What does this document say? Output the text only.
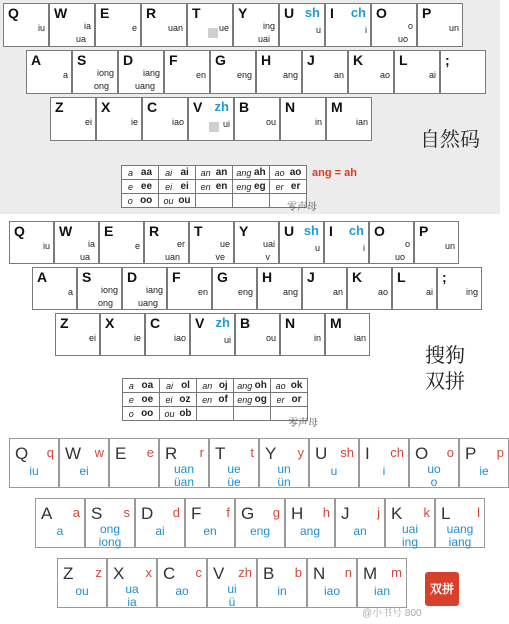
Q
iu
W
ia
ua
E
e
R
uan
T
ue
Y
ing
uai
U sh
u
I ch
i
O
o
uo
P
un
A
a
S
iong
ong
D
iang
uang
F
en
G
eng
H
ang
J
an
K
ao
L
ai
;
Z
ei
X
ie
C
iao
V zh
ui
B
ou
N
in
M
ian
自然码
a aa ai ai an an ang ah ao ao
e ee ei ei en en eng eg er er
o oo ou ou
ang = ah
零声母
Q
iu
W
ia
ua
E
e
R
er
uan
T
ue
ve
Y
uai
v
U sh
u
I ch
i
O
o
uo
P
un
A
a
S
iong
ong
D
iang
uang
F
en
G
eng
H
ang
J
an
K
ao
L
ai
;
ing
Z
ei
X
ie
C
iao
V zh
ui
B
ou
N
in
M
ian
搜狗
双拼
a oa ai ol an oj ang oh ao ok
e oe ei oz en of eng og er or
o oo ou ob
零声母
Q q
iu
W w
ei
E e R r
uan
üan
T t
ue
üe
Y y
un
ün
U sh
u
I ch
i
O o
uo
o
P p
ie
A a
a
S s
ong
iong
D d
ai
F f
en
G g
eng
H h
ang
J j
an
K k
uai
ing
L l
uang
iang
Z z
ou
X x
ua
ia
C c
ao
V zh
ui
ü
B b
in
N n
iao
M m
ian	双拼
@小书号 800
